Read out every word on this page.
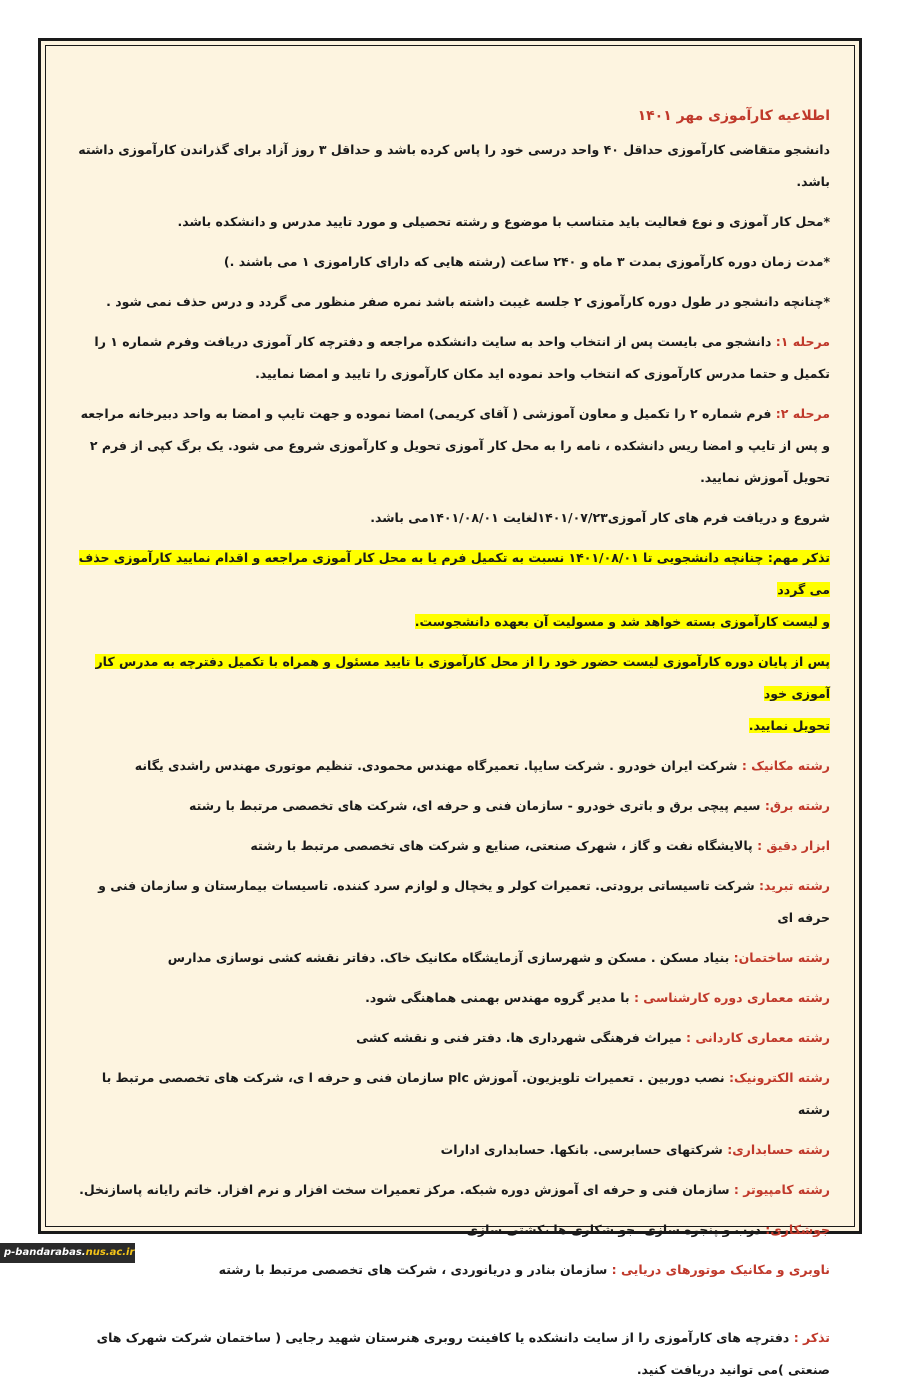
اطلاعیه کارآموزی مهر ۱۴۰۱
دانشجو متقاضی کارآموزی حداقل ۴۰ واحد درسی خود را پاس کرده باشد و حداقل ۳ روز آزاد برای گذراندن کارآموزی داشته باشد.
*محل کار آموزی و نوع فعالیت باید متناسب با موضوع و رشته تحصیلی و مورد تایید مدرس و دانشکده باشد.
*مدت زمان دوره کارآموزی بمدت ۳ ماه و ۲۴۰ ساعت (رشته هایی که دارای کاراموزی ۱ می باشند .)
*چنانچه دانشجو در طول دوره کارآموزی ۲ جلسه غیبت داشته باشد نمره صفر منظور می گردد و درس حذف نمی شود .
مرحله ۱: دانشجو می بایست پس از انتخاب واحد به سایت دانشکده مراجعه و دفترچه کار آموزی دریافت وفرم شماره ۱ را تکمیل و حتما مدرس کارآموزی که انتخاب واحد نموده اید مکان کارآموزی را تایید و امضا نمایید.
مرحله ۲: فرم شماره ۲ را تکمیل و معاون آموزشی ( آقای کریمی) امضا نموده و جهت تایپ و امضا به واحد دبیرخانه مراجعه و پس از تایپ و امضا ریس دانشکده ، نامه را به محل کار آموزی تحویل و کارآموزی شروع می شود. یک برگ کپی از فرم ۲ تحویل آموزش نمایید.
شروع و دریافت فرم های کار آموزی۱۴۰۱/۰۷/۲۳لغایت ۱۴۰۱/۰۸/۰۱می باشد.
تذکر مهم: چنانچه دانشجویی تا ۱۴۰۱/۰۸/۰۱ نسبت به تکمیل فرم یا به محل کار آموزی مراجعه و اقدام نمایید کارآموزی حذف می گردد
و لیست کارآموزی بسته خواهد شد و مسولیت آن بعهده دانشجوست.
پس از پایان دوره کارآموزی لیست حضور خود را از محل کارآموزی با تایید مسئول و همراه با تکمیل دفترچه به مدرس کار آموزی خود
تحویل نمایید.
رشته مکانیک : شرکت ایران خودرو . شرکت سایپا. تعمیرگاه مهندس محمودی. تنظیم موتوری مهندس راشدی یگانه
رشته برق: سیم پیچی برق و باتری خودرو - سازمان فنی و حرفه ای، شرکت های تخصصی مرتبط با رشته
ابزار دقیق : پالایشگاه نفت و گاز ، شهرک صنعتی، صنایع و شرکت های تخصصی مرتبط با رشته
رشته تبرید: شرکت تاسیساتی برودتی. تعمیرات کولر و یخچال و لوازم سرد کننده. تاسیسات بیمارستان و سازمان فنی و حرفه ای
رشته ساختمان: بنیاد مسکن . مسکن و شهرسازی آزمایشگاه مکانیک خاک. دفاتر نقشه کشی نوسازی مدارس
رشته معماری دوره کارشناسی : با مدیر گروه مهندس بهمنی هماهنگی شود.
رشته معماری کاردانی : میراث فرهنگی شهرداری ها. دفتر فنی و نقشه کشی
رشته الکترونیک: نصب دوربین . تعمیرات تلویزیون. آموزش plc سازمان فنی و حرفه ا ی، شرکت های تخصصی مرتبط با رشته
رشته حسابداری: شرکتهای حسابرسی. بانکها. حسابداری ادارات
رشته کامپیوتر : سازمان فنی و حرفه ای آموزش دوره شبکه. مرکز تعمیرات سخت افزار و نرم افزار. خاتم رایانه پاسازنخل.
جوشکاری: درب و پنجره سازی. جو شکاری ها ،کشتی سازی
ناوبری و مکانیک موتورهای دریایی : سازمان بنادر و دریانوردی ، شرکت های تخصصی مرتبط با رشته
تذکر : دفترچه های کارآموزی را از سایت دانشکده یا کافینت روبری هنرستان شهید رجایی ( ساختمان شرکت شهرک های صنعتی )می توانید دریافت کنید.
p-bandarabas.nus.ac.ir
